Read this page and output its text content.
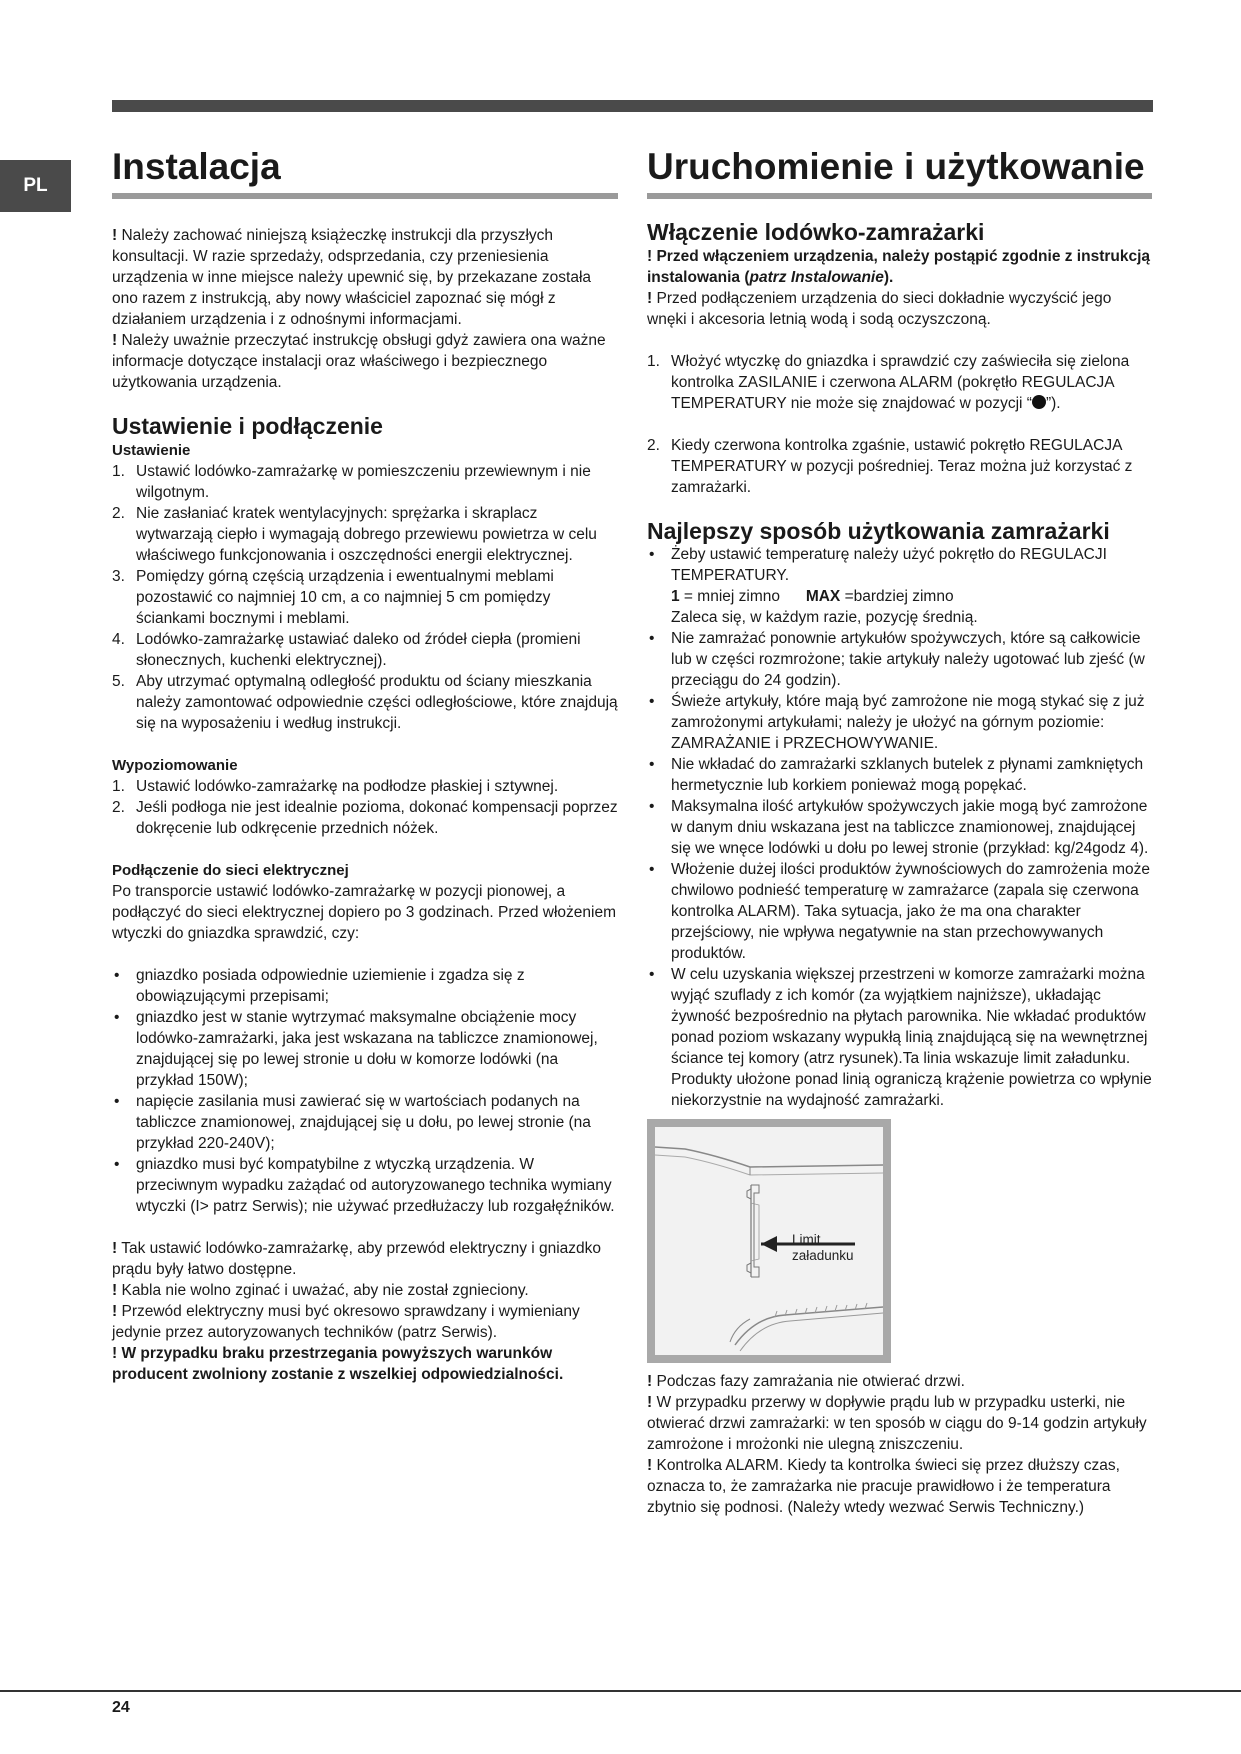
PL Instalacja

! Należy zachować niniejszą książeczkę instrukcji dla przyszłych konsultacji. W razie sprzedaży, odsprzedania, czy przeniesienia urządzenia w inne miejsce należy upewnić się, by przekazane została ono razem z instrukcją, aby nowy właściciel zapoznać się mógł z działaniem urządzenia i z odnośnymi informacjami.

! Należy uważnie przeczytać instrukcję obsługi gdyż zawiera ona ważne informacje dotyczące instalacji oraz właściwego i bezpiecznego użytkowania urządzenia.

Ustawienie i podłączenie
Ustawienie
1. Ustawić lodówko-zamrażarkę w pomieszczeniu przewiewnym i nie wilgotnym.
2. Nie zasłaniać kratek wentylacyjnych: sprężarka i skraplacz wytwarzają ciepło i wymagają dobrego przewiewu powietrza w celu właściwego funkcjonowania i oszczędności energii elektrycznej.
3. Pomiędzy górną częścią urządzenia i ewentualnymi meblami pozostawić co najmniej 10 cm, a co najmniej 5 cm pomiędzy ściankami bocznymi i meblami.
4. Lodówko-zamrażarkę ustawiać daleko od źródeł ciepła (promieni słonecznych, kuchenki elektrycznej).
5. Aby utrzymać optymalną odległość produktu od ściany mieszkania należy zamontować odpowiednie części odległościowe, które znajdują się na wyposażeniu i według instrukcji.
Wypoziomowanie
1. Ustawić lodówko-zamrażarkę na podłodze płaskiej i sztywnej.
2. Jeśli podłoga nie jest idealnie pozioma, dokonać kompensacji poprzez dokręcenie lub odkręcenie przednich nóżek.
Podłączenie do sieci elektrycznej

Po transporcie ustawić lodówko-zamrażarkę w pozycji pionowej, a podłączyć do sieci elektrycznej dopiero po 3 godzinach. Przed włożeniem wtyczki do gniazdka sprawdzić, czy:

• gniazdko posiada odpowiednie uziemienie i zgadza się z obowiązującymi przepisami;
• gniazdko jest w stanie wytrzymać maksymalne obciążenie mocy lodówko-zamrażarki, jaka jest wskazana na tabliczce znamionowej, znajdującej się po lewej stronie u dołu w komorze lodówki (na przykład 150W);
• napięcie zasilania musi zawierać się w wartościach podanych na tabliczce znamionowej, znajdującej się u dołu, po lewej stronie (na przykład 220-240V);
• gniazdko musi być kompatybilne z wtyczką urządzenia. W przeciwnym wypadku zażądać od autoryzowanego technika wymiany wtyczki (I> patrz Serwis); nie używać przedłużaczy lub rozgałęźników.

! Tak ustawić lodówko-zamrażarkę, aby przewód elektryczny i gniazdko prądu były łatwo dostępne.

! Kabla nie wolno zginać i uważać, aby nie został zgnieciony.

! Przewód elektryczny musi być okresowo sprawdzany i wymieniany jedynie przez autoryzowanych techników (patrz Serwis).

! W przypadku braku przestrzegania powyższych warunków producent zwolniony zostanie z wszelkiej odpowiedzialności.

Uruchomienie i użytkowanie
Włączenie lodówko-zamrażarki

! Przed włączeniem urządzenia, należy postąpić zgodnie z instrukcją instalowania (patrz Instalowanie).

! Przed podłączeniem urządzenia do sieci dokładnie wyczyścić jego wnęki i akcesoria letnią wodą i sodą oczyszczoną.

1. Włożyć wtyczkę do gniazdka i sprawdzić czy zaświeciła się zielona kontrolka ZASILANIE i czerwona ALARM (pokrętło REGULACJA TEMPERATURY nie może się znajdować w pozycji “ ”).
2. Kiedy czerwona kontrolka zgaśnie, ustawić pokrętło REGULACJA TEMPERATURY w pozycji pośredniej. Teraz można już korzystać z zamrażarki.
Najlepszy sposób użytkowania zamrażarki
• Żeby ustawić temperaturę należy użyć pokrętło do REGULACJI TEMPERATURY.
1 = mniej zimno MAX =bardziej zimno
Zaleca się, w każdym razie, pozycję średnią.
• Nie zamrażać ponownie artykułów spożywczych, które są całkowicie lub w części rozmrożone; takie artykuły należy ugotować lub zjeść (w przeciągu do 24 godzin).
• Świeże artykuły, które mają być zamrożone nie mogą stykać się z już zamrożonymi artykułami; należy je ułożyć na górnym poziomie: ZAMRAŻANIE i PRZECHOWYWANIE.
• Nie wkładać do zamrażarki szklanych butelek z płynami zamkniętych hermetycznie lub korkiem ponieważ mogą popękać.
• Maksymalna ilość artykułów spożywczych jakie mogą być zamrożone w danym dniu wskazana jest na tabliczce znamionowej, znajdującej się we wnęce lodówki u dołu po lewej stronie (przykład: kg/24godz 4).
• Włożenie dużej ilości produktów żywnościowych do zamrożenia może chwilowo podnieść temperaturę w zamrażarce (zapala się czerwona kontrolka ALARM). Taka sytuacja, jako że ma ona charakter przejściowy, nie wpływa negatywnie na stan przechowywanych produktów.
• W celu uzyskania większej przestrzeni w komorze zamrażarki można wyjąć szuflady z ich komór (za wyjątkiem najniższe), układając żywność bezpośrednio na płytach parownika. Nie wkładać produktów ponad poziom wskazany wypukłą linią znajdującą się na wewnętrznej ściance tej komory (atrz rysunek).Ta linia wskazuje limit załadunku. Produkty ułożone ponad linią ograniczą krążenie powietrza co wpłynie niekorzystnie na wydajność zamrażarki.
Limit
załadunku

! Podczas fazy zamrażania nie otwierać drzwi.

! W przypadku przerwy w dopływie prądu lub w przypadku usterki, nie otwierać drzwi zamrażarki: w ten sposób w ciągu do 9-14 godzin artykuły zamrożone i mrożonki nie ulegną zniszczeniu.

! Kontrolka ALARM. Kiedy ta kontrolka świeci się przez dłuższy czas, oznacza to, że zamrażarka nie pracuje prawidłowo i że temperatura zbytnio się podnosi. (Należy wtedy wezwać Serwis Techniczny.)

24
